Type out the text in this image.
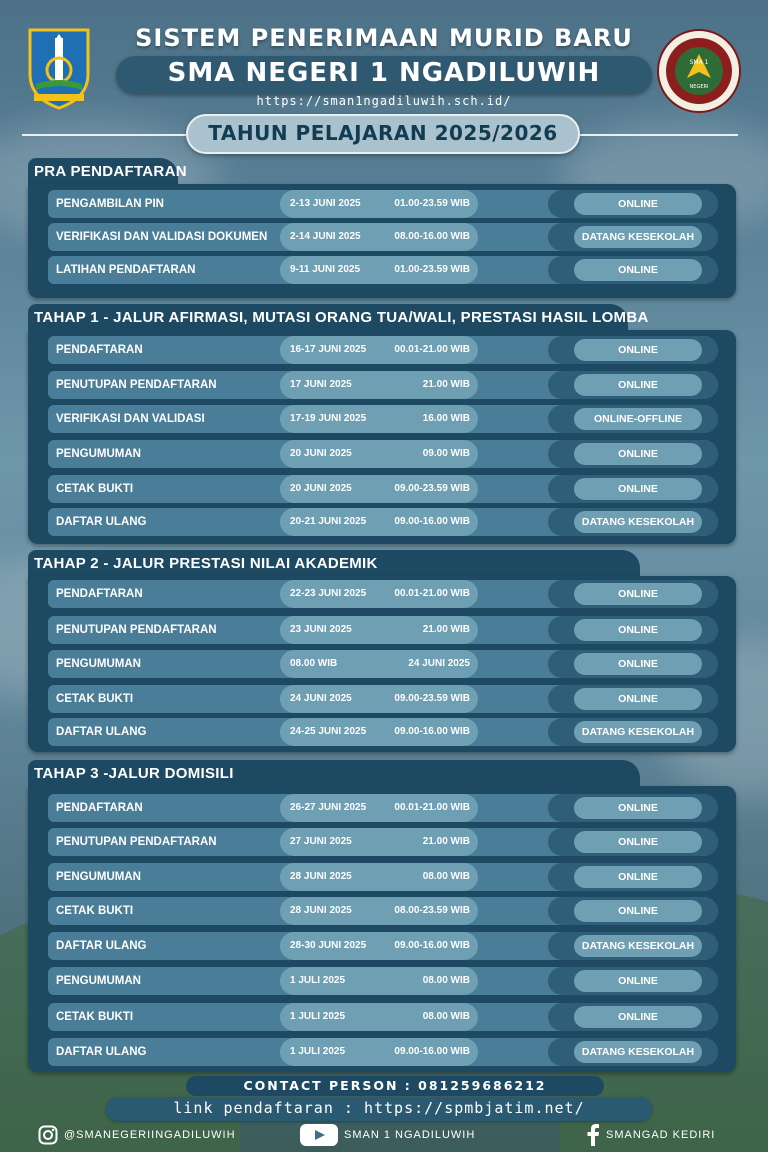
SMA 1
NEGERI
SISTEM PENERIMAAN MURID BARU
SMA NEGERI 1 NGADILUWIH
https://sman1ngadiluwih.sch.id/
TAHUN PELAJARAN 2025/2026
PRA PENDAFTARAN
PENGAMBILAN PIN	2-13 JUNI 2025	01.00-23.59 WIB	ONLINE
VERIFIKASI DAN VALIDASI DOKUMEN 2-14 JUNI 2025	08.00-16.00 WIB	DATANG KESEKOLAH
LATIHAN PENDAFTARAN	9-11 JUNI 2025	01.00-23.59 WIB	ONLINE
TAHAP 1 - JALUR AFIRMASI, MUTASI ORANG TUA/WALI, PRESTASI HASIL LOMBA
PENDAFTARAN	16-17 JUNI 2025	00.01-21.00 WIB	ONLINE
PENUTUPAN PENDAFTARAN	17 JUNI 2025	21.00 WIB	ONLINE
VERIFIKASI DAN VALIDASI	17-19 JUNI 2025	16.00 WIB	ONLINE-OFFLINE
PENGUMUMAN	20 JUNI 2025	09.00 WIB	ONLINE
CETAK BUKTI	20 JUNI 2025	09.00-23.59 WIB	ONLINE
DAFTAR ULANG	20-21 JUNI 2025	09.00-16.00 WIB	DATANG KESEKOLAH
TAHAP 2 - JALUR PRESTASI NILAI AKADEMIK
PENDAFTARAN	22-23 JUNI 2025	00.01-21.00 WIB	ONLINE
PENUTUPAN PENDAFTARAN	23 JUNI 2025	21.00 WIB	ONLINE
PENGUMUMAN	08.00 WIB	24 JUNI 2025	ONLINE
CETAK BUKTI	24 JUNI 2025	09.00-23.59 WIB	ONLINE
DAFTAR ULANG	24-25 JUNI 2025	09.00-16.00 WIB	DATANG KESEKOLAH
TAHAP 3 -JALUR DOMISILI
PENDAFTARAN	26-27 JUNI 2025	00.01-21.00 WIB	ONLINE
PENUTUPAN PENDAFTARAN	27 JUNI 2025	21.00 WIB	ONLINE
PENGUMUMAN	28 JUNI 2025	08.00 WIB	ONLINE
CETAK BUKTI	28 JUNI 2025	08.00-23.59 WIB	ONLINE
DAFTAR ULANG	28-30 JUNI 2025	09.00-16.00 WIB	DATANG KESEKOLAH
PENGUMUMAN	1 JULI 2025	08.00 WIB	ONLINE
CETAK BUKTI	1 JULI 2025	08.00 WIB	ONLINE
DAFTAR ULANG	1 JULI 2025	09.00-16.00 WIB	DATANG KESEKOLAH
CONTACT PERSON : 081259686212
link pendaftaran : https://spmbjatim.net/
@SMANEGERIINGADILUWIH	SMAN 1 NGADILUWIH	SMANGAD KEDIRI
